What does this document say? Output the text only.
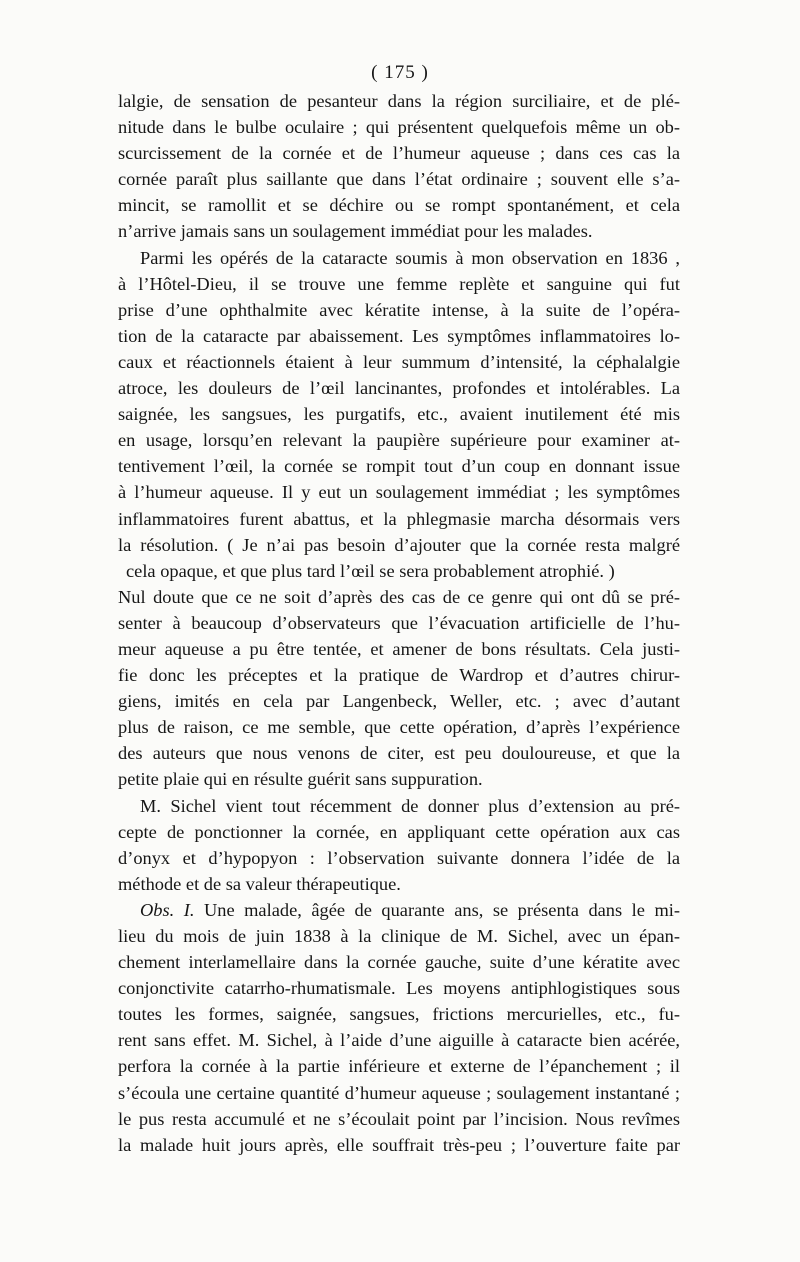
( 175 )
lalgie, de sensation de pesanteur dans la région surciliaire, et de plé-
nitude dans le bulbe oculaire ; qui présentent quelquefois même un ob-
scurcissement de la cornée et de l’humeur aqueuse ; dans ces cas la
cornée paraît plus saillante que dans l’état ordinaire ; souvent elle s’a-
mincit, se ramollit et se déchire ou se rompt spontanément, et cela
n’arrive jamais sans un soulagement immédiat pour les malades.
Parmi les opérés de la cataracte soumis à mon observation en 1836 ,
à l’Hôtel-Dieu, il se trouve une femme replète et sanguine qui fut
prise d’une ophthalmite avec kératite intense, à la suite de l’opéra-
tion de la cataracte par abaissement. Les symptômes inflammatoires lo-
caux et réactionnels étaient à leur summum d’intensité, la céphalalgie
atroce, les douleurs de l’œil lancinantes, profondes et intolérables. La
saignée, les sangsues, les purgatifs, etc., avaient inutilement été mis
en usage, lorsqu’en relevant la paupière supérieure pour examiner at-
tentivement l’œil, la cornée se rompit tout d’un coup en donnant issue
à l’humeur aqueuse. Il y eut un soulagement immédiat ; les symptômes
inflammatoires furent abattus, et la phlegmasie marcha désormais vers
la résolution. ( Je n’ai pas besoin d’ajouter que la cornée resta malgré
cela opaque, et que plus tard l’œil se sera probablement atrophié. )
Nul doute que ce ne soit d’après des cas de ce genre qui ont dû se pré-
senter à beaucoup d’observateurs que l’évacuation artificielle de l’hu-
meur aqueuse a pu être tentée, et amener de bons résultats. Cela justi-
fie donc les préceptes et la pratique de Wardrop et d’autres chirur-
giens, imités en cela par Langenbeck, Weller, etc. ; avec d’autant
plus de raison, ce me semble, que cette opération, d’après l’expérience
des auteurs que nous venons de citer, est peu douloureuse, et que la
petite plaie qui en résulte guérit sans suppuration.
M. Sichel vient tout récemment de donner plus d’extension au pré-
cepte de ponctionner la cornée, en appliquant cette opération aux cas
d’onyx et d’hypopyon : l’observation suivante donnera l’idée de la
méthode et de sa valeur thérapeutique.
Obs. I. Une malade, âgée de quarante ans, se présenta dans le mi-
lieu du mois de juin 1838 à la clinique de M. Sichel, avec un épan-
chement interlamellaire dans la cornée gauche, suite d’une kératite avec
conjonctivite catarrho-rhumatismale. Les moyens antiphlogistiques sous
toutes les formes, saignée, sangsues, frictions mercurielles, etc., fu-
rent sans effet. M. Sichel, à l’aide d’une aiguille à cataracte bien acérée,
perfora la cornée à la partie inférieure et externe de l’épanchement ; il
s’écoula une certaine quantité d’humeur aqueuse ; soulagement instantané ;
le pus resta accumulé et ne s’écoulait point par l’incision. Nous revîmes
la malade huit jours après, elle souffrait très-peu ; l’ouverture faite par
